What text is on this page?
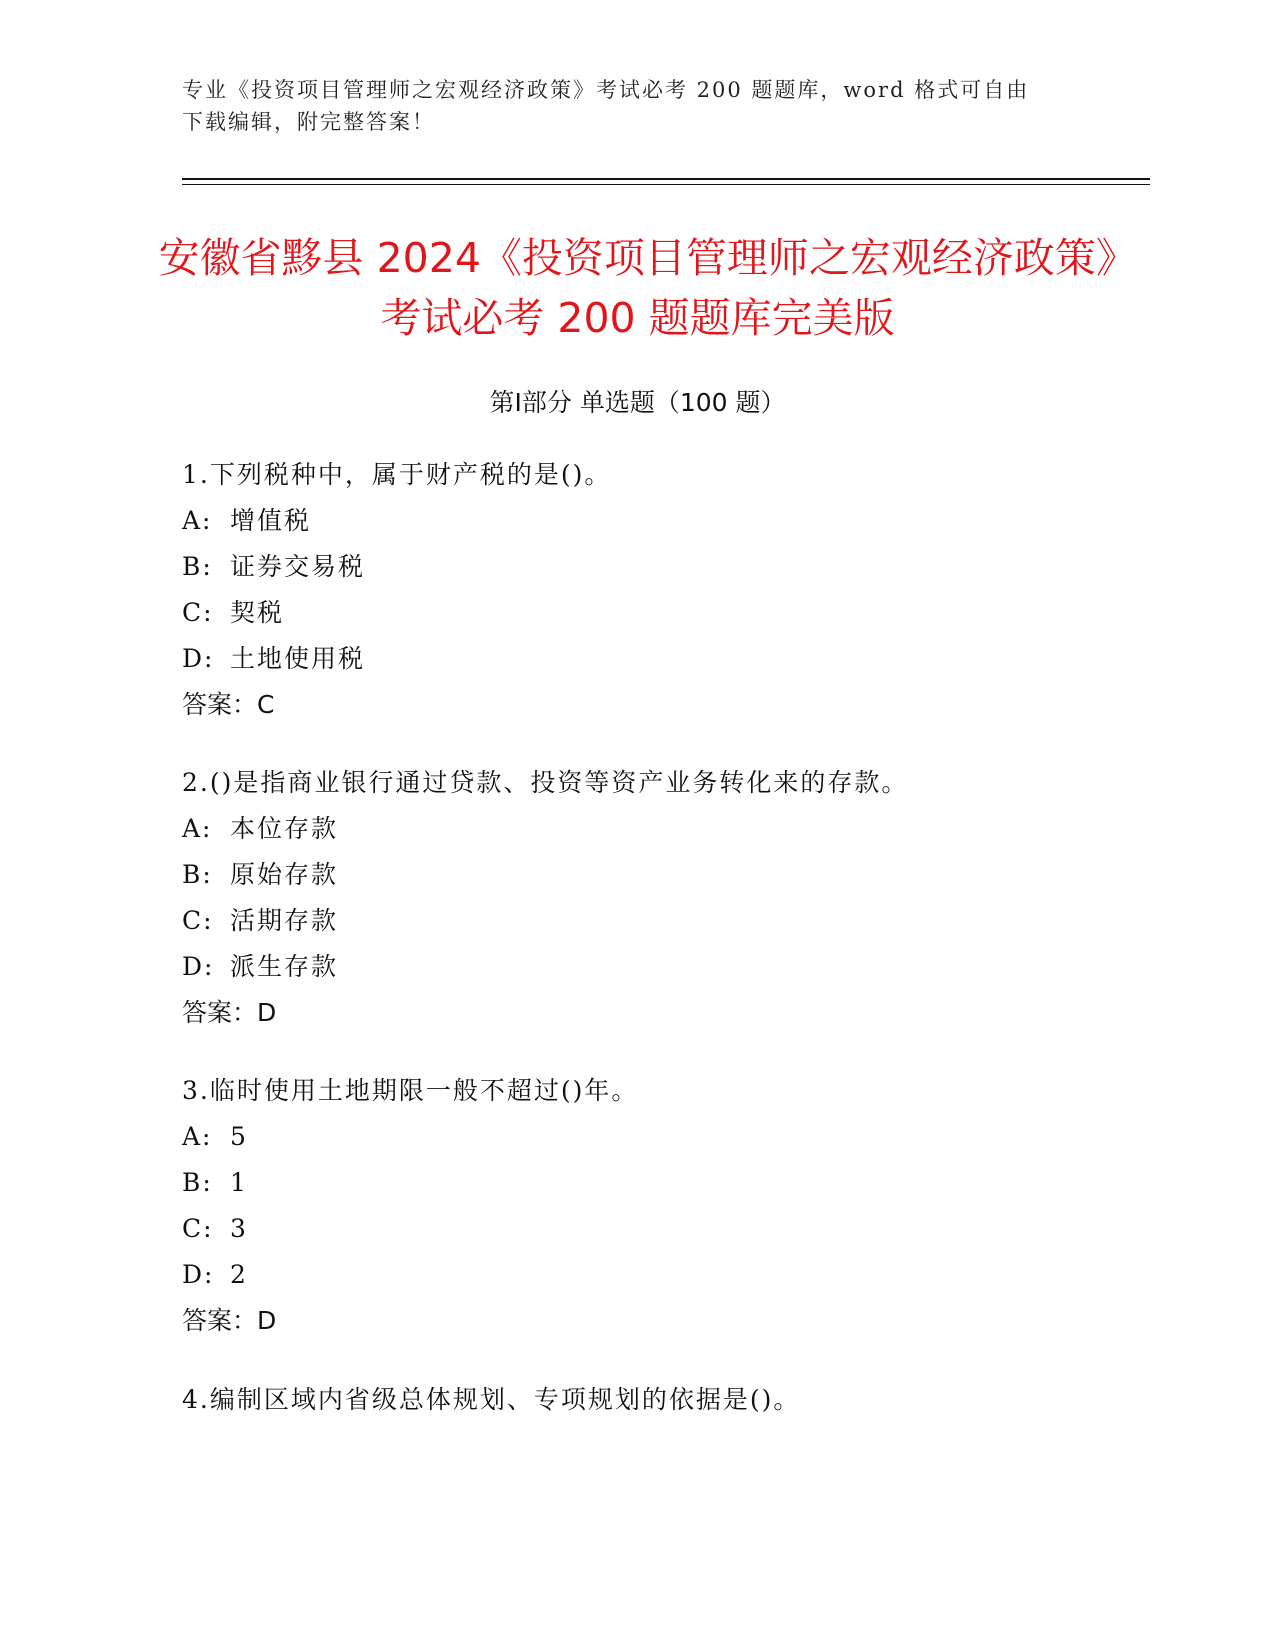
专业《投资项目管理师之宏观经济政策》考试必考 200 题题库，word 格式可自由下载编辑，附完整答案！
安徽省黟县 2024《投资项目管理师之宏观经济政策》考试必考 200 题题库完美版
第Ⅰ部分 单选题（100 题）
1.下列税种中，属于财产税的是()。
A: 增值税
B: 证券交易税
C: 契税
D: 土地使用税
答案：C
2.()是指商业银行通过贷款、投资等资产业务转化来的存款。
A: 本位存款
B: 原始存款
C: 活期存款
D: 派生存款
答案：D
3.临时使用土地期限一般不超过()年。
A: 5
B: 1
C: 3
D: 2
答案：D
4.编制区域内省级总体规划、专项规划的依据是()。
